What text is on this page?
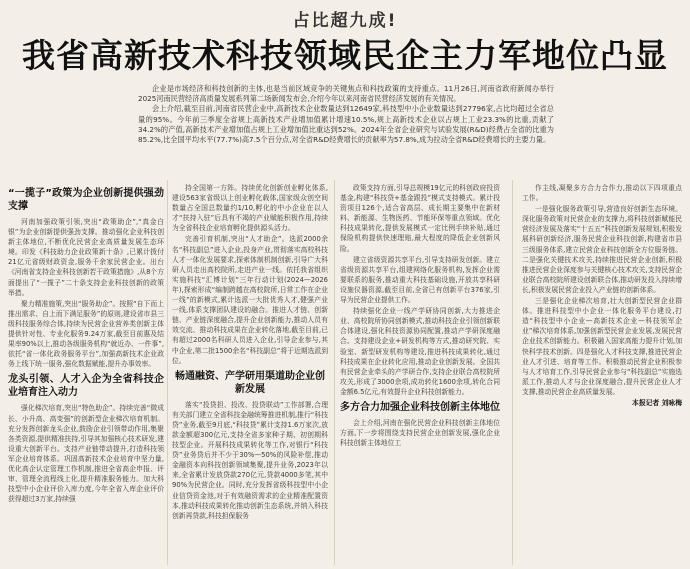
占比超九成!
我省高新技术科技领域民企主力军地位凸显

企业是市场经济和科技创新的主体,也是当前区域竞争的关键焦点和科技政策的支持重点。11月26日,河南省政府新闻办举行2025河南民营经济高质量发展系列第二场新闻发布会,介绍今年以来河南省民营经济发展的有关情况。

会上介绍,截至目前,河南省民营企业中,高新技术企业数量达到12649家,科技型中小企业数量达到27796家,占比均超过全省总量的95%。今年前三季度全省规上高新技术产业增加值累计增速10.5%,规上高新技术企业以占规上工业23.3%的比重,贡献了34.2%的产值,高新技术产业增加值占规上工业增加值比重达到52%。2024年全省企业研究与试验发展(R&D)经费占全省的比重为85.2%,比全国平均水平(77.7%)高7.5个百分点,对全省R&D经费增长的贡献率为57.8%,成为拉动全省R&D经费增长的主要力量。

“一揽子”政策为企业创新提供强劲支撑

河南加强政策引领,突出“政策助企”,“真金白银”为企业创新提供强劲支撑。推动强化企业科技创新主体地位,不断优化民营企业高质量发展生态环境。印发《科技助力企业政策新十条》,已累计拨付21亿元省级财政资金,服务千余家民营企业。出台《河南省支持企业科技创新若干政策措施》,从8个方面提出了“一揽子”二十条支持企业科技创新的政策举措。

聚力精准施策,突出“服务助企”。按照“自下而上推出需求、自上而下满足服务”的原则,建设省市县三级科技服务综合体,持续为民营企业营养类创新主体提供针对性、专业化服务9.24万家,截至目前惠及结果率90%以上,推动各级服务机构“就近办、一件事”,依托“省一体化政务服务平台”,加强高新技术企业政务上线下统一服务,强化数据赋能,提升办事效率。

龙头引领、人才入企为全省科技企业培育注入动力

强化梯次培育,突出“特色助企”。持续完善“微成长、小升高、高变强”的创新型企业梯次培育机制。充分发挥创新龙头企业,鼓励企业引领带动作用,集聚各类资源,提供精准扶持,引导其加强核心技术研发,建设重大创新平台。支持产业链带动提升,打造科技领军企业培育体系。巩固高新技术企业培育中坚力量,优化高企认定管理工作机制,推进全省高企申报、评审、管理全流程线上化,提升精准服务能力。加大科技型中小企业评价入库力度,今年全省入库企业评价获得超过3万家,持续强

持全国第一方阵。持续优化创新创业孵化体系,建设563家省级以上创业孵化载体,国家级众创空间数量占全国总数量约1/10,孵化的中小企业在以人才“扶持入驻”后具有不竭的产业赋能积极作用,持续为全省科技企业培育孵化提供源头活力。

完善引育机制,突出“人才助企”。选派2000余名“科技副总”进入企业,投身产业,贯彻落实高校科技人才一体化发展要求,探索体制机制创新,引导广大科研人员走出高校院所,走进产业一线。依托我省组织实施科技“汇博计划”三年行动计划(2024—2026年),探索形成“编制跨越在高校院所,日常工作在企业一线”的新模式,累计选派一大批优秀人才,健强产业一线,体系支撑团队建设的融合。推进人才链、创新链、产业链深度融合,提升企业创新能力,推动人员有效交流、推动科技成果在企业转化落地,截至目前,已有超过2000名科研人员进入企业,引导企业参与,其中企业,第二批1500余名“科技副总”将于近期选派到位。

畅通融资、产学研用渠道助企业创新发展

落实“投贷担、投改、投贷联动”工作部署,合理有关部门建立全省科技金融统筹推进机制,推行“科技贷”业务,截至9月底,“科技贷”累计支持1.6万家次,放款金额超300亿元,支持全省多家种子期、初创期科技型企业。开展科技成果转化等工作,对银行“科技贷”业务贷后并不少于30%—50%的风险补偿,推动金融资本向科技创新领域集聚,提升业务,2023年以来,全省累计发放贷款270亿元,贷款4000多笔,其中90%为民营企业。同时,充分发挥省级科技型中小企业信贷资金池,对于有效融资需求的企业精准配置资本,推动科技成果转化推动创新生态系统,并纳入科技创新再贷款,科技担保服务

政策支持方面,引导总规模19亿元的科创政府投资基金,构建“科技贷+基金跟投”模式支持模式。累计投资项目126个,适合省高层、成长期主要集中在新材料、新能源、生物医药、节能环保等重点领域。优化科技成果转化,提供发展模式一定比例手续补贴,通过保险机构提供快速理赔,最大程度的降低企业创新风险。

建立省级资源共享平台,引导支持研发创新。建立省级资源共享平台,组建网络化服务机构,发挥企业需要联系的服务,推动重大科技基础设施,开放共享科研设施仪器资源,截至目前,全省已有创新平台376家,引导为民营企业提供工作。

持续强化企业一线产学研协同创新,大力推进企业、高校院所协同创新模式,推动科技企业引领创新联合体建设,强化科技资源协同配置,推动产学研深度融合。支持建设企业+研发机构等方式,推动研究院、实验室、新型研发机构等建设,推进科技成果转化,通过科技成果在企业转化应用,推动企业创新发展。全国共有民营企业牵头的产学研合作,支持企业联合高校院所攻关,形成了3000余项,成功转化1600余项,转化合同金额6.5亿元,有效提升企业科技创新能力。

多方合力加强企业科技创新主体地位

会上介绍,河南在强化民营企业科技创新主体地位方面,下一步将围绕支持民营企业创新发展,强化企业科技创新主体地位工

作主线,凝聚多方合力合作力,推动以下四项重点工作。

一是强化服务政策引导,营造良好创新生态环境。深化服务政策对民营企业的支撑力,将科技创新赋能民营经济发展及落实“十五五”科技创新发展规划,积极发展科研创新经济,服务民营企业科技创新,构建省市县三级服务体系,建立民营企业科技创新全方位服务链。二是强化关键技术攻关,持续推进民营企业创新,积极推进民营企业深度参与关键核心技术攻关,支持民营企业联合高校院所建设创新联合体,推动研发投入持续增长,积极发展民营企业投入产业链的创新体系。

三是强化企业梯次培育,壮大创新型民营企业群体。推进科技型中小企业一体化服务平台建设,打造“科技型中小企业—高新技术企业—科技领军企业”梯次培育体系,加强创新型民营企业发展,发展民营企业技术创新能力。积极融入国家高能力提升计划,加快科学技术创新。四是强化人才科技支撑,推进民营企业人才引进、培育等工作。积极推动民营企业积极参与人才培育工作,引导民营企业参与“科技副总”实施选派工作,推动人才与企业深度融合,提升民营企业人才支撑,推动民营企业高质量发展。

本报记者 刘咏梅
